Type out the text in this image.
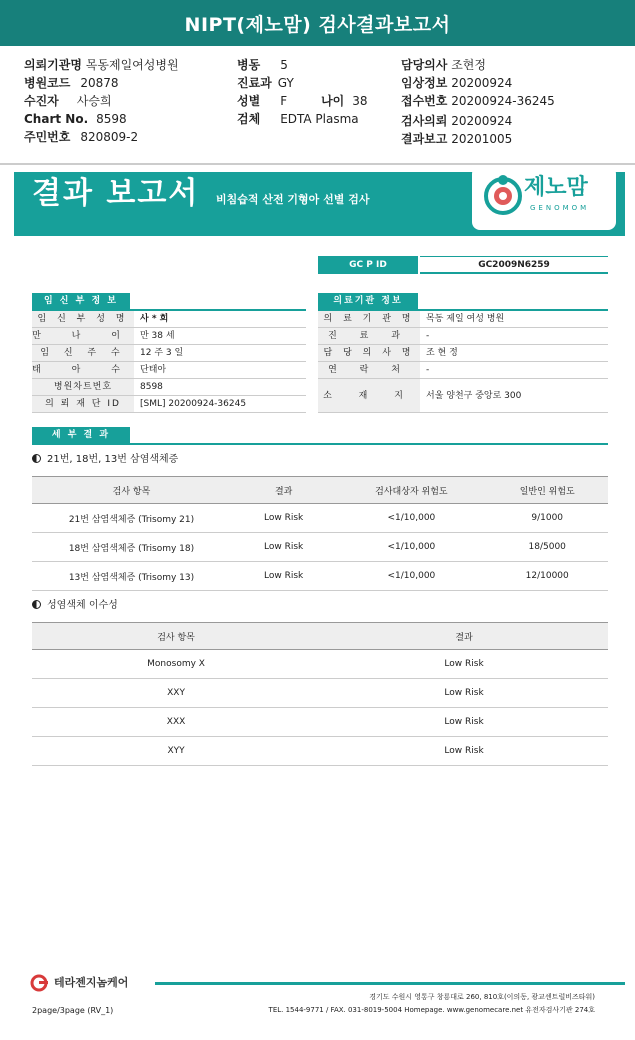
NIPT(제노맘) 검사결과보고서
의뢰기관명 목동제일여성병원
병원코드 20878
수진자 사승희
Chart No. 8598
주민번호 820809-2
병동 5
진료과 GY
성별 F	나이 38
검체 EDTA Plasma
담당의사 조현정
임상정보 20200924
접수번호 20200924-36245
검사의뢰 20200924
결과보고 20201005
결과 보고서 비침습적 산전 기형아 선별 검사	제노맘
GENOMOM
GC P ID	GC2009N6259
임 신 부 정 보
임 신 부 성 명	사 * 희
만 나 이 만 38 세
임 신 주 수	12 주 3 일
태 아 수 단태아
병원차트번호	8598
의 뢰 재 단 ID	[SML] 20200924-36245
의료기관 정보
의 료 기 관 명	목동 제일 여성 병원
진 료 과	-
담 당 의 사 명	조 현 정
연 락 처	-
소 재 지	서울 양천구 중앙로 300
세 부 결 과
21번, 18번, 13번 삼염색체증
검사 항목	결과	검사대상자 위험도	일반인 위험도
21번 삼염색체증 (Trisomy 21)	Low Risk	<1/10,000	9/1000
18번 삼염색체증 (Trisomy 18)	Low Risk	<1/10,000	18/5000
13번 삼염색체증 (Trisomy 13)	Low Risk	<1/10,000	12/10000
성염색체 이수성
검사 항목	결과
Monosomy X	Low Risk
XXY	Low Risk
XXX	Low Risk
XYY	Low Risk
테라젠지놈케어
경기도 수원시 영통구 창룡대로 260, 810호(이의동, 광교센트럴비즈타워)
TEL. 1544-9771 / FAX. 031-8019-5004 Homepage. www.genomecare.net 유전자검사기관 274호
2page/3page (RV_1)
